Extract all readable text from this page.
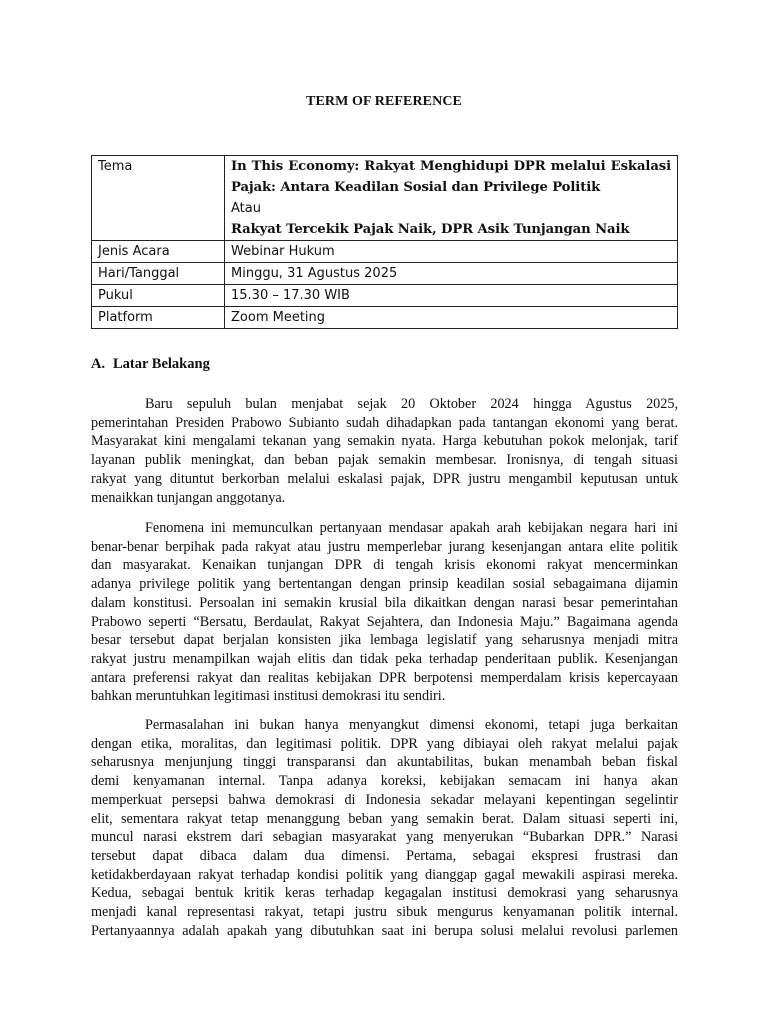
TERM OF REFERENCE
Tema	In This Economy: Rakyat Menghidupi DPR melalui Eskalasi
Pajak: Antara Keadilan Sosial dan Privilege Politik
Atau
Rakyat Tercekik Pajak Naik, DPR Asik Tunjangan Naik

Jenis Acara	Webinar Hukum
Hari/Tanggal	Minggu, 31 Agustus 2025
Pukul	15.30 – 17.30 WIB
Platform	Zoom Meeting
A. Latar Belakang
Baru sepuluh bulan menjabat sejak 20 Oktober 2024 hingga Agustus 2025,
pemerintahan Presiden Prabowo Subianto sudah dihadapkan pada tantangan ekonomi yang berat.
Masyarakat kini mengalami tekanan yang semakin nyata. Harga kebutuhan pokok melonjak, tarif
layanan publik meningkat, dan beban pajak semakin membesar. Ironisnya, di tengah situasi
rakyat yang dituntut berkorban melalui eskalasi pajak, DPR justru mengambil keputusan untuk
menaikkan tunjangan anggotanya.
Fenomena ini memunculkan pertanyaan mendasar apakah arah kebijakan negara hari ini
benar-benar berpihak pada rakyat atau justru memperlebar jurang kesenjangan antara elite politik
dan masyarakat. Kenaikan tunjangan DPR di tengah krisis ekonomi rakyat mencerminkan
adanya privilege politik yang bertentangan dengan prinsip keadilan sosial sebagaimana dijamin
dalam konstitusi. Persoalan ini semakin krusial bila dikaitkan dengan narasi besar pemerintahan
Prabowo seperti “Bersatu, Berdaulat, Rakyat Sejahtera, dan Indonesia Maju.” Bagaimana agenda
besar tersebut dapat berjalan konsisten jika lembaga legislatif yang seharusnya menjadi mitra
rakyat justru menampilkan wajah elitis dan tidak peka terhadap penderitaan publik. Kesenjangan
antara preferensi rakyat dan realitas kebijakan DPR berpotensi memperdalam krisis kepercayaan
bahkan meruntuhkan legitimasi institusi demokrasi itu sendiri.
Permasalahan ini bukan hanya menyangkut dimensi ekonomi, tetapi juga berkaitan
dengan etika, moralitas, dan legitimasi politik. DPR yang dibiayai oleh rakyat melalui pajak
seharusnya menjunjung tinggi transparansi dan akuntabilitas, bukan menambah beban fiskal
demi kenyamanan internal. Tanpa adanya koreksi, kebijakan semacam ini hanya akan
memperkuat persepsi bahwa demokrasi di Indonesia sekadar melayani kepentingan segelintir
elit, sementara rakyat tetap menanggung beban yang semakin berat. Dalam situasi seperti ini,
muncul narasi ekstrem dari sebagian masyarakat yang menyerukan “Bubarkan DPR.” Narasi
tersebut dapat dibaca dalam dua dimensi. Pertama, sebagai ekspresi frustrasi dan
ketidakberdayaan rakyat terhadap kondisi politik yang dianggap gagal mewakili aspirasi mereka.
Kedua, sebagai bentuk kritik keras terhadap kegagalan institusi demokrasi yang seharusnya
menjadi kanal representasi rakyat, tetapi justru sibuk mengurus kenyamanan politik internal.
Pertanyaannya adalah apakah yang dibutuhkan saat ini berupa solusi melalui revolusi parlemen
